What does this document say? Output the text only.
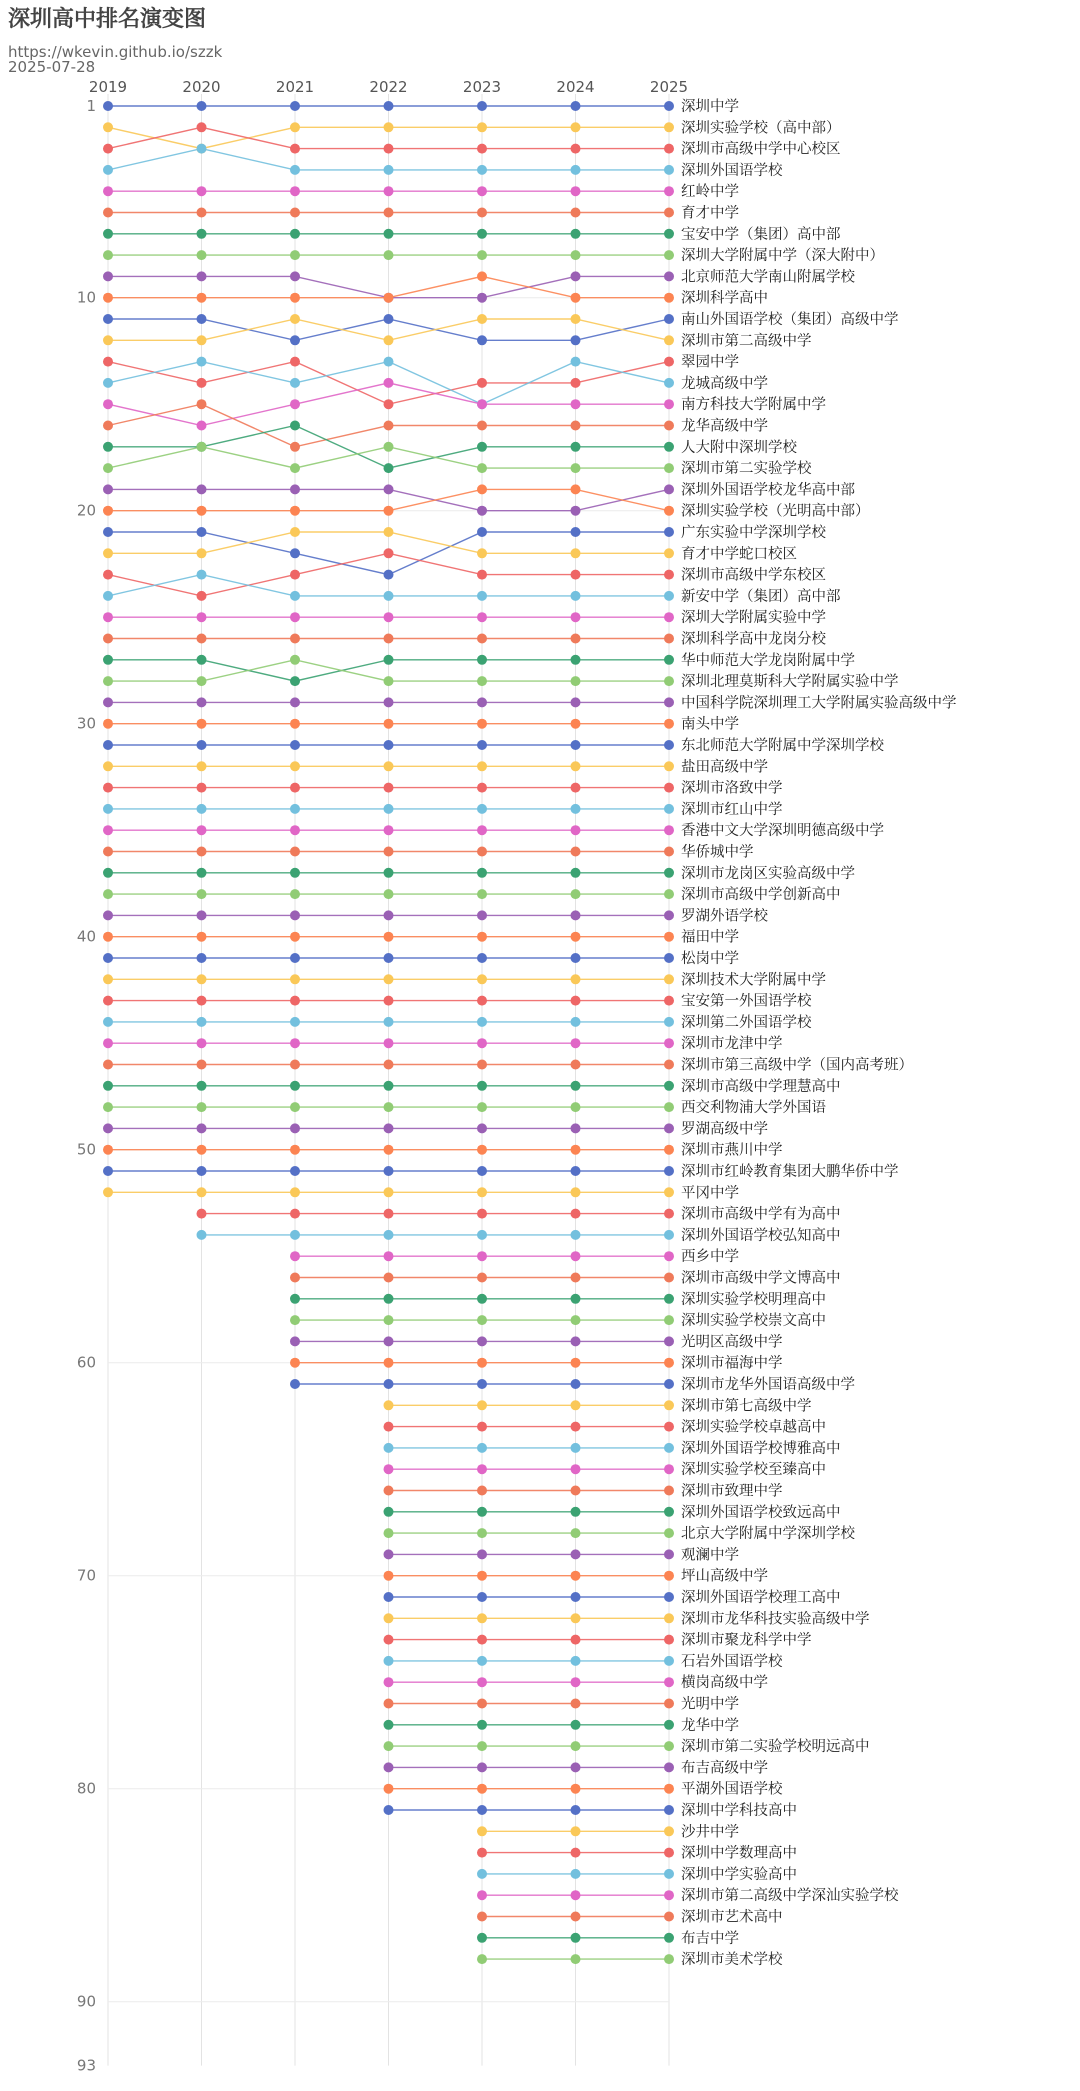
深圳高中排名演变图
https://wkevin.github.io/szzk
2025-07-28
2019	2020	2021	2022	2023	2024	2025
1
10
20
30
40
50
60
70
80
90
93
深圳中学
深圳实验学校（高中部）
深圳市高级中学中心校区
深圳外国语学校
红岭中学
育才中学
宝安中学（集团）高中部
深圳大学附属中学（深大附中）
北京师范大学南山附属学校
深圳科学高中
南山外国语学校（集团）高级中学
深圳市第二高级中学
翠园中学
龙城高级中学
南方科技大学附属中学
龙华高级中学
人大附中深圳学校
深圳市第二实验学校
深圳外国语学校龙华高中部
深圳实验学校（光明高中部）
广东实验中学深圳学校
育才中学蛇口校区
深圳市高级中学东校区
新安中学（集团）高中部
深圳大学附属实验中学
深圳科学高中龙岗分校
华中师范大学龙岗附属中学
深圳北理莫斯科大学附属实验中学
中国科学院深圳理工大学附属实验高级中学
南头中学
东北师范大学附属中学深圳学校
盐田高级中学
深圳市洛致中学
深圳市红山中学
香港中文大学深圳明德高级中学
华侨城中学
深圳市龙岗区实验高级中学
深圳市高级中学创新高中
罗湖外语学校
福田中学
松岗中学
深圳技术大学附属中学
宝安第一外国语学校
深圳第二外国语学校
深圳市龙津中学
深圳市第三高级中学（国内高考班）
深圳市高级中学理慧高中
西交利物浦大学外国语
罗湖高级中学
深圳市燕川中学
深圳市红岭教育集团大鹏华侨中学
平冈中学
深圳市高级中学有为高中
深圳外国语学校弘知高中
西乡中学
深圳市高级中学文博高中
深圳实验学校明理高中
深圳实验学校崇文高中
光明区高级中学
深圳市福海中学
深圳市龙华外国语高级中学
深圳市第七高级中学
深圳实验学校卓越高中
深圳外国语学校博雅高中
深圳实验学校至臻高中
深圳市致理中学
深圳外国语学校致远高中
北京大学附属中学深圳学校
观澜中学
坪山高级中学
深圳外国语学校理工高中
深圳市龙华科技实验高级中学
深圳市聚龙科学中学
石岩外国语学校
横岗高级中学
光明中学
龙华中学
深圳市第二实验学校明远高中
布吉高级中学
平湖外国语学校
深圳中学科技高中
沙井中学
深圳中学数理高中
深圳中学实验高中
深圳市第二高级中学深汕实验学校
深圳市艺术高中
布吉中学
深圳市美术学校
